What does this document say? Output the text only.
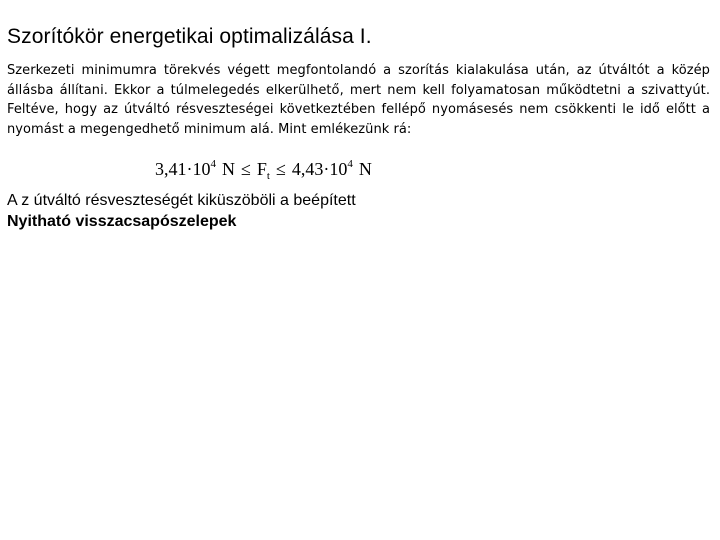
Szorítókör energetikai optimalizálása I.
Szerkezeti minimumra törekvés végett megfontolandó a szorítás kialakulása után, az útváltót a közép állásba állítani. Ekkor a túlmelegedés elkerülhető, mert nem kell folyamatosan működtetni a szivattyút. Feltéve, hogy az útváltó résveszteségei következtében fellépő nyomásesés nem csökkenti le idő előtt a nyomást a megengedhető minimum alá. Mint emlékezünk rá:
$3,41\cdot 10^4$ $N \le F_t \le 4,43\cdot 10^4$ N
A z útváltó résveszteségét kiküszöböli a beépített
Nyitható visszacsapószelepek
